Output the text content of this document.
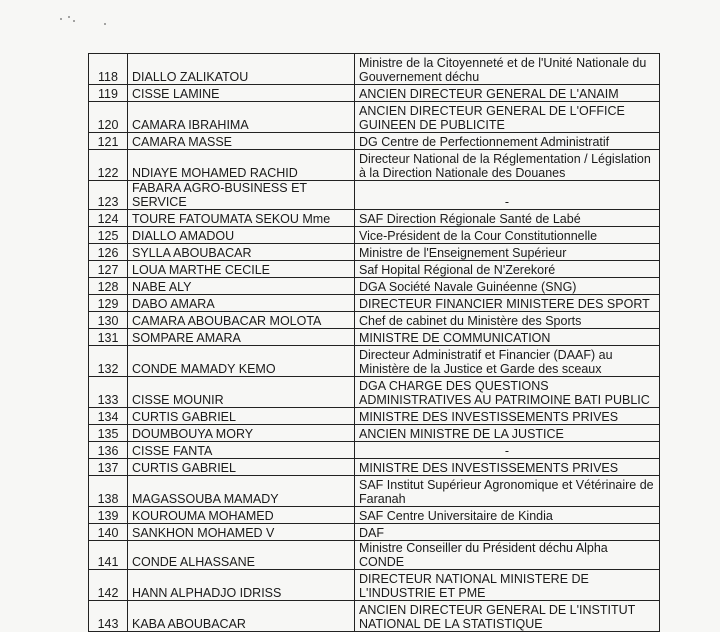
118	DIALLO ZALIKATOU	Ministre de la Citoyenneté et de l'Unité Nationale du Gouvernement déchu
119	CISSE LAMINE	ANCIEN DIRECTEUR GENERAL DE L'ANAIM
120	CAMARA IBRAHIMA	ANCIEN DIRECTEUR GENERAL DE L'OFFICE GUINEEN DE PUBLICITE
121	CAMARA MASSE	DG Centre de Perfectionnement Administratif
122	NDIAYE MOHAMED RACHID	Directeur National de la Réglementation / Législation à la Direction Nationale des Douanes
123	FABARA AGRO-BUSINESS ET SERVICE	-
124	TOURE FATOUMATA SEKOU Mme	SAF Direction Régionale Santé de Labé
125	DIALLO AMADOU	Vice-Président de la Cour Constitutionnelle
126	SYLLA ABOUBACAR	Ministre de l'Enseignement Supérieur
127	LOUA MARTHE CECILE	Saf Hopital Régional de N'Zerekoré
128	NABE ALY	DGA Société Navale Guinéenne (SNG)
129	DABO AMARA	DIRECTEUR FINANCIER MINISTERE DES SPORT
130	CAMARA ABOUBACAR MOLOTA	Chef de cabinet du Ministère des Sports
131	SOMPARE AMARA	MINISTRE DE COMMUNICATION
132	CONDE MAMADY KEMO	Directeur Administratif et Financier (DAAF) au Ministère de la Justice et Garde des sceaux
133	CISSE MOUNIR	DGA CHARGE DES QUESTIONS ADMINISTRATIVES AU PATRIMOINE BATI PUBLIC
134	CURTIS GABRIEL	MINISTRE DES INVESTISSEMENTS PRIVES
135	DOUMBOUYA MORY	ANCIEN MINISTRE DE LA JUSTICE
136	CISSE FANTA	-
137	CURTIS GABRIEL	MINISTRE DES INVESTISSEMENTS PRIVES
138	MAGASSOUBA MAMADY	SAF Institut Supérieur Agronomique et Vétérinaire de Faranah
139	KOUROUMA MOHAMED	SAF Centre Universitaire de Kindia
140	SANKHON MOHAMED V	DAF
141	CONDE ALHASSANE	Ministre Conseiller du Président déchu Alpha CONDE
142	HANN ALPHADJO IDRISS	DIRECTEUR NATIONAL MINISTERE DE L'INDUSTRIE ET PME
143	KABA ABOUBACAR	ANCIEN DIRECTEUR GENERAL DE L'INSTITUT NATIONAL DE LA STATISTIQUE
